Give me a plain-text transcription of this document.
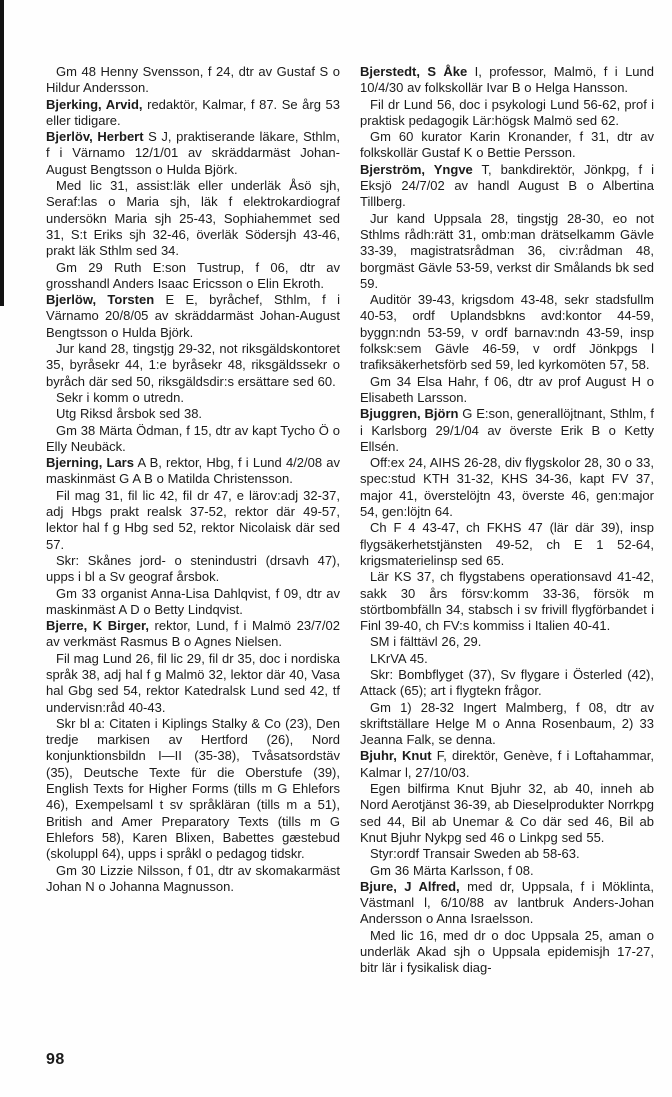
Gm 48 Henny Svensson, f 24, dtr av Gustaf S o Hildur Andersson.

Bjerking, Arvid, redaktör, Kalmar, f 87. Se årg 53 eller tidigare.

Bjerlöv, Herbert S J, praktiserande läkare, Sthlm, f i Värnamo 12/1/01 av skräddarmäst Johan-August Bengtsson o Hulda Björk.

Med lic 31, assist:läk eller underläk Åsö sjh, Seraf:las o Maria sjh, läk f elektrokardiograf undersökn Maria sjh 25-43, Sophiahemmet sed 31, S:t Eriks sjh 32-46, överläk Södersjh 43-46, prakt läk Sthlm sed 34.

Gm 29 Ruth E:son Tustrup, f 06, dtr av grosshandl Anders Isaac Ericsson o Elin Ekroth.

Bjerlöw, Torsten E E, byråchef, Sthlm, f i Värnamo 20/8/05 av skräddarmäst Johan-August Bengtsson o Hulda Björk.

Jur kand 28, tingstjg 29-32, not riksgäldskontoret 35, byråsekr 44, 1:e byråsekr 48, riksgäldssekr o byråch där sed 50, riksgäldsdir:s ersättare sed 60.

Sekr i komm o utredn.

Utg Riksd årsbok sed 38.

Gm 38 Märta Ödman, f 15, dtr av kapt Tycho Ö o Elly Neubäck.

Bjerning, Lars A B, rektor, Hbg, f i Lund 4/2/08 av maskinmäst G A B o Matilda Christensson.

Fil mag 31, fil lic 42, fil dr 47, e lärov:adj 32-37, adj Hbgs prakt realsk 37-52, rektor där 49-57, lektor hal f g Hbg sed 52, rektor Nicolaisk där sed 57.

Skr: Skånes jord- o stenindustri (drsavh 47), upps i bl a Sv geograf årsbok.

Gm 33 organist Anna-Lisa Dahlqvist, f 09, dtr av maskinmäst A D o Betty Lindqvist.

Bjerre, K Birger, rektor, Lund, f i Malmö 23/7/02 av verkmäst Rasmus B o Agnes Nielsen.

Fil mag Lund 26, fil lic 29, fil dr 35, doc i nordiska språk 38, adj hal f g Malmö 32, lektor där 40, Vasa hal Gbg sed 54, rektor Katedralsk Lund sed 42, tf undervisn:råd 40-43.

Skr bl a: Citaten i Kiplings Stalky & Co (23), Den tredje markisen av Hertford (26), Nord konjunktionsbildn I—II (35-38), Tvåsatsordstäv (35), Deutsche Texte für die Oberstufe (39), English Texts for Higher Forms (tills m G Ehlefors 46), Exempelsaml t sv språkläran (tills m a 51), British and Amer Preparatory Texts (tills m G Ehlefors 58), Karen Blixen, Babettes gæstebud (skoluppl 64), upps i språkl o pedagog tidskr.

Gm 30 Lizzie Nilsson, f 01, dtr av skomakarmäst Johan N o Johanna Magnusson.

Bjerstedt, S Åke I, professor, Malmö, f i Lund 10/4/30 av folkskollär Ivar B o Helga Hansson.

Fil dr Lund 56, doc i psykologi Lund 56-62, prof i praktisk pedagogik Lär:högsk Malmö sed 62.

Gm 60 kurator Karin Kronander, f 31, dtr av folkskollär Gustaf K o Bettie Persson.

Bjerström, Yngve T, bankdirektör, Jönkpg, f i Eksjö 24/7/02 av handl August B o Albertina Tillberg.

Jur kand Uppsala 28, tingstjg 28-30, eo not Sthlms rådh:rätt 31, omb:man drätselkamm Gävle 33-39, magistratsrådman 36, civ:rådman 48, borgmäst Gävle 53-59, verkst dir Smålands bk sed 59.

Auditör 39-43, krigsdom 43-48, sekr stadsfullm 40-53, ordf Uplandsbkns avd:kontor 44-59, byggn:ndn 53-59, v ordf barnav:ndn 43-59, insp folksk:sem Gävle 46-59, v ordf Jönkpgs l trafiksäkerhetsförb sed 59, led kyrkomöten 57, 58.

Gm 34 Elsa Hahr, f 06, dtr av prof August H o Elisabeth Larsson.

Bjuggren, Björn G E:son, generallöjtnant, Sthlm, f i Karlsborg 29/1/04 av överste Erik B o Ketty Ellsén.

Off:ex 24, AIHS 26-28, div flygskolor 28, 30 o 33, spec:stud KTH 31-32, KHS 34-36, kapt FV 37, major 41, överstelöjtn 43, överste 46, gen:major 54, gen:löjtn 64.

Ch F 4 43-47, ch FKHS 47 (lär där 39), insp flygsäkerhetstjänsten 49-52, ch E 1 52-64, krigsmaterielinsp sed 65.

Lär KS 37, ch flygstabens operationsavd 41-42, sakk 30 års försv:komm 33-36, försök m störtbombfälln 34, stabsch i sv frivill flygförbandet i Finl 39-40, ch FV:s kommiss i Italien 40-41.

SM i fälttävl 26, 29.

LKrVA 45.

Skr: Bombflyget (37), Sv flygare i Österled (42), Attack (65); art i flygtekn frågor.

Gm 1) 28-32 Ingert Malmberg, f 08, dtr av skriftställare Helge M o Anna Rosenbaum, 2) 33 Jeanna Falk, se denna.

Bjuhr, Knut F, direktör, Genève, f i Loftahammar, Kalmar l, 27/10/03.

Egen bilfirma Knut Bjuhr 32, ab 40, inneh ab Nord Aerotjänst 36-39, ab Dieselprodukter Norrkpg sed 44, Bil ab Unemar & Co där sed 46, Bil ab Knut Bjuhr Nykpg sed 46 o Linkpg sed 55.

Styr:ordf Transair Sweden ab 58-63.

Gm 36 Märta Karlsson, f 08.

Bjure, J Alfred, med dr, Uppsala, f i Möklinta, Västmanl l, 6/10/88 av lantbruk Anders-Johan Andersson o Anna Israelsson.

Med lic 16, med dr o doc Uppsala 25, aman o underläk Akad sjh o Uppsala epidemisjh 17-27, bitr lär i fysikalisk diag-

98
